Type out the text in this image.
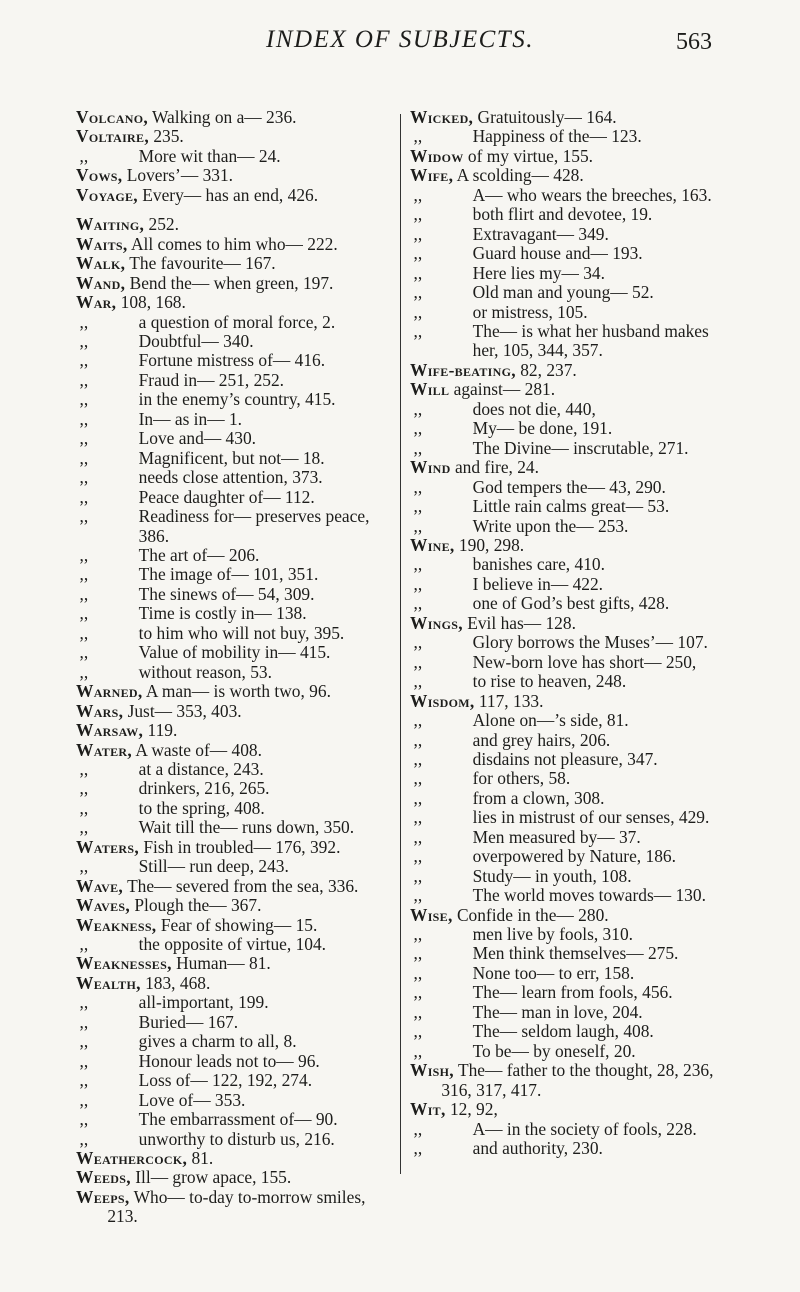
INDEX OF SUBJECTS.	563

Volcano, Walking on a— 236.

Voltaire, 235.

,,	More wit than— 24.

Vows, Lovers’— 331.

Voyage, Every— has an end, 426.

Waiting, 252.

Waits, All comes to him who— 222.

Walk, The favourite— 167.

Wand, Bend the— when green, 197.

War, 108, 168.

,,	a question of moral force, 2.

,,	Doubtful— 340.

,,	Fortune mistress of— 416.

,,	Fraud in— 251, 252.

,,	in the enemy’s country, 415.

,,	In— as in— 1.

,,	Love and— 430.

,,	Magnificent, but not— 18.

,,	needs close attention, 373.

,,	Peace daughter of— 112.

,,	Readiness for— preserves peace, 386.

,,	The art of— 206.

,,	The image of— 101, 351.

,,	The sinews of— 54, 309.

,,	Time is costly in— 138.

,,	to him who will not buy, 395.

,,	Value of mobility in— 415.

,,	without reason, 53.

Warned, A man— is worth two, 96.

Wars, Just— 353, 403.

Warsaw, 119.

Water, A waste of— 408.

,,	at a distance, 243.

,,	drinkers, 216, 265.

,,	to the spring, 408.

,,	Wait till the— runs down, 350.

Waters, Fish in troubled— 176, 392.

,,	Still— run deep, 243.

Wave, The— severed from the sea, 336.

Waves, Plough the— 367.

Weakness, Fear of showing— 15.

,,	the opposite of virtue, 104.

Weaknesses, Human— 81.

Wealth, 183, 468.

,,	all-important, 199.

,,	Buried— 167.

,,	gives a charm to all, 8.

,,	Honour leads not to— 96.

,,	Loss of— 122, 192, 274.

,,	Love of— 353.

,,	The embarrassment of— 90.

,,	unworthy to disturb us, 216.

Weathercock, 81.

Weeds, Ill— grow apace, 155.

Weeps, Who— to-day to-morrow smiles, 213.

Wicked, Gratuitously— 164.

,,	Happiness of the— 123.

Widow of my virtue, 155.

Wife, A scolding— 428.

,,	A— who wears the breeches, 163.

,,	both flirt and devotee, 19.

,,	Extravagant— 349.

,,	Guard house and— 193.

,,	Here lies my— 34.

,,	Old man and young— 52.

,,	or mistress, 105.

,,	The— is what her husband makes her, 105, 344, 357.

Wife-beating, 82, 237.

Will against— 281.

,,	does not die, 440,

,,	My— be done, 191.

,,	The Divine— inscrutable, 271.

Wind and fire, 24.

,,	God tempers the— 43, 290.

,,	Little rain calms great— 53.

,,	Write upon the— 253.

Wine, 190, 298.

,,	banishes care, 410.

,,	I believe in— 422.

,,	one of God’s best gifts, 428.

Wings, Evil has— 128.

,,	Glory borrows the Muses’— 107.

,,	New-born love has short— 250,

,,	to rise to heaven, 248.

Wisdom, 117, 133.

,,	Alone on—’s side, 81.

,,	and grey hairs, 206.

,,	disdains not pleasure, 347.

,,	for others, 58.

,,	from a clown, 308.

,,	lies in mistrust of our senses, 429.

,,	Men measured by— 37.

,,	overpowered by Nature, 186.

,,	Study— in youth, 108.

,,	The world moves towards— 130.

Wise, Confide in the— 280.

,,	men live by fools, 310.

,,	Men think themselves— 275.

,,	None too— to err, 158.

,,	The— learn from fools, 456.

,,	The— man in love, 204.

,,	The— seldom laugh, 408.

,,	To be— by oneself, 20.

Wish, The— father to the thought, 28, 236, 316, 317, 417.

Wit, 12, 92,

,,	A— in the society of fools, 228.

,,	and authority, 230.
